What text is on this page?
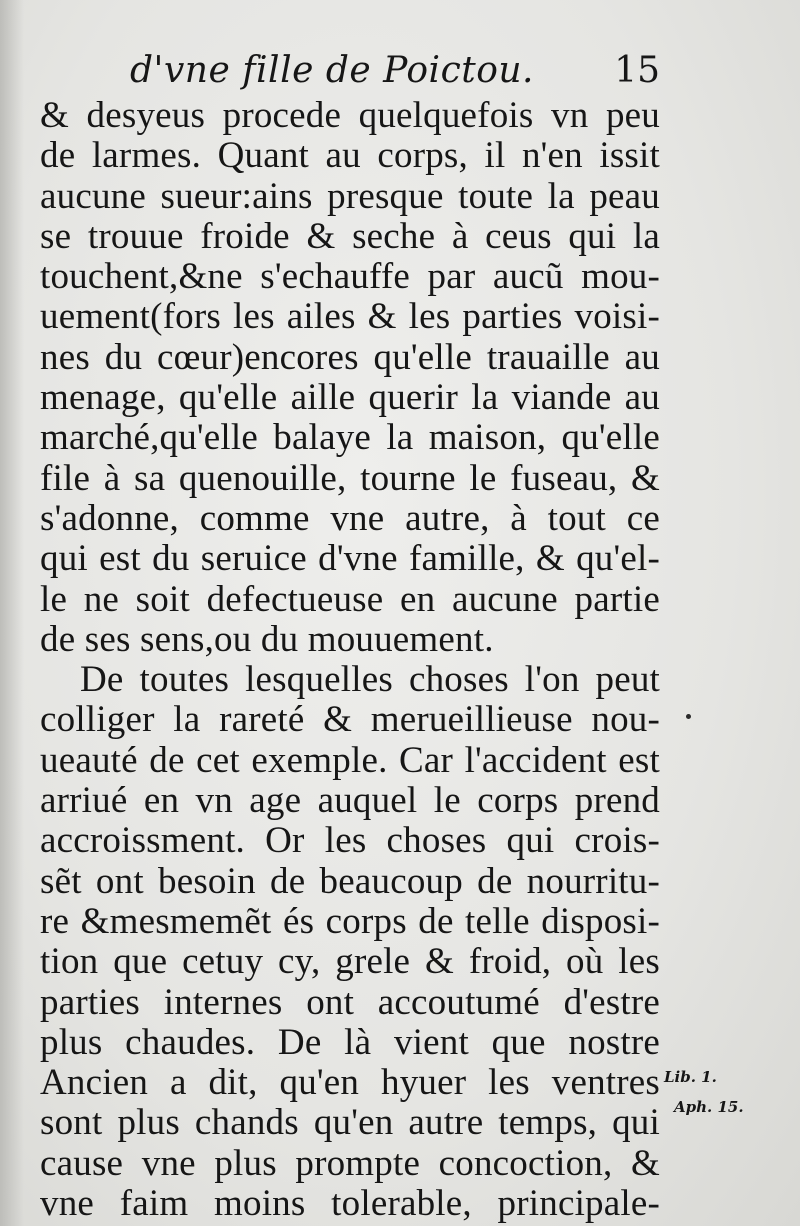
d'vne fille de Poictou. 15
& desyeus procede quelquefois vn peu
de larmes. Quant au corps, il n'en issit
aucune sueur:ains presque toute la peau
se trouue froide & seche à ceus qui la
touchent,&ne s'echauffe par aucũ mou-
uement(fors les ailes & les parties voisi-
nes du cœur)encores qu'elle trauaille au
menage, qu'elle aille querir la viande au
marché,qu'elle balaye la maison, qu'elle
file à sa quenouille, tourne le fuseau, &
s'adonne, comme vne autre, à tout ce
qui est du seruice d'vne famille, & qu'el-
le ne soit defectueuse en aucune partie
de ses sens,ou du mouuement.
De toutes lesquelles choses l'on peut
colliger la rareté & merueillieuse nou-
ueauté de cet exemple. Car l'accident est
arriué en vn age auquel le corps prend
accroissment. Or les choses qui crois-
sẽt ont besoin de beaucoup de nourritu-
re &mesmemẽt és corps de telle disposi-
tion que cetuy cy, grele & froid, où les
parties internes ont accoutumé d'estre
plus chaudes. De là vient que nostre
Ancien a dit, qu'en hyuer les ventres
sont plus chands qu'en autre temps, qui
cause vne plus prompte concoction, &
vne faim moins tolerable, principale-
Lib. 1.
Aph. 15.
